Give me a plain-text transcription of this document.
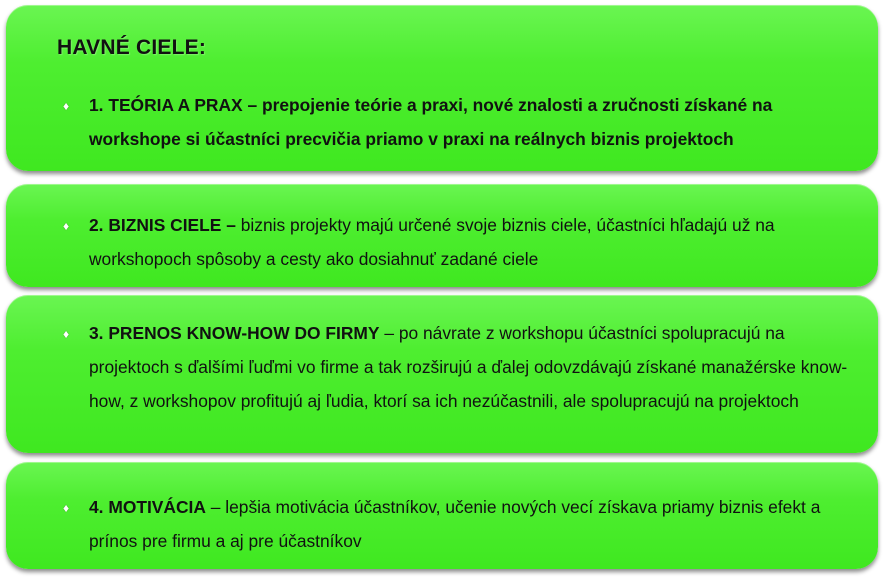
HAVNÉ CIELE:
♦	1. TEÓRIA A PRAX – prepojenie teórie a praxi, nové znalosti a zručnosti získané na workshope si účastníci precvičia priamo v praxi na reálnych biznis projektoch
♦	2. BIZNIS CIELE – biznis projekty majú určené svoje biznis ciele, účastníci hľadajú už na workshopoch spôsoby a cesty ako dosiahnuť zadané ciele
♦	3. PRENOS KNOW-HOW DO FIRMY – po návrate z workshopu účastníci spolupracujú na projektoch s ďalšími ľuďmi vo firme a tak rozširujú a ďalej odovzdávajú získané manažérske know-how, z workshopov profitujú aj ľudia, ktorí sa ich nezúčastnili, ale spolupracujú na projektoch
♦	4. MOTIVÁCIA – lepšia motivácia účastníkov, učenie nových vecí získava priamy biznis efekt a prínos pre firmu a aj pre účastníkov
